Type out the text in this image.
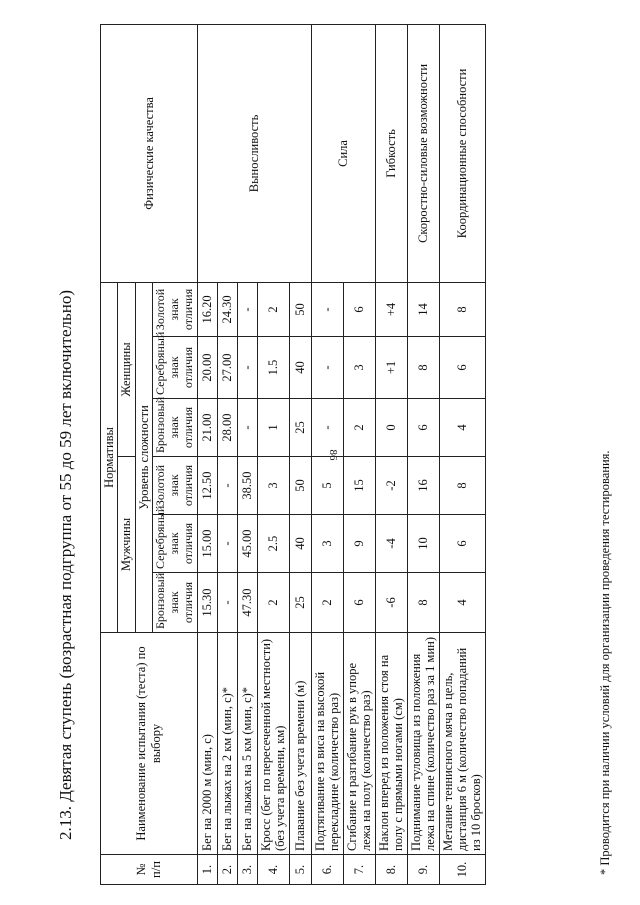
86
2.13. Девятая ступень (возрастная подгруппа от 55 до 59 лет включительно)
№ п/п	Наименование испытания (теста) по выбору	Нормативы						Физические качества
		Мужчины			Женщины			
		Уровень сложности						
		Бронзовый знак отличия	Серебряный знак отличия	Золотой знак отличия	Бронзовый знак отличия	Серебряный знак отличия	Золотой знак отличия	
1.	Бег на 2000 м (мин, с)	15.30	15.00	12.50	21.00	20.00	16.20	Выносливость
2.	Бег на лыжах на 2 км (мин, с)*	-	-	-	28.00	27.00	24.30	
3.	Бег на лыжах на 5 км (мин, с)*	47.30	45.00	38.50	-	-	-	
4.	Кросс (бег по пересеченной местности) (без учета времени, км)	2	2.5	3	1	1.5	2	
5.	Плавание без учета времени (м)	25	40	50	25	40	50	
6.	Подтягивание из виса на высокой перекладине (количество раз)	2	3	5	-	-	-	Сила
7.	Сгибание и разгибание рук в упоре лежа на полу (количество раз)	6	9	15	2	3	6	
8.	Наклон вперед из положения стоя на полу с прямыми ногами (см)	-6	-4	-2	0	+1	+4	Гибкость
9.	Поднимание туловища из положения лежа на спине (количество раз за 1 мин)	8	10	16	6	8	14	Скоростно-силовые возможности
10.	Метание теннисного мяча в цель, дистанция 6 м (количество попаданий из 10 бросков)	4	6	8	4	6	8	Координационные способности
* Проводится при наличии условий для организации проведения тестирования.
